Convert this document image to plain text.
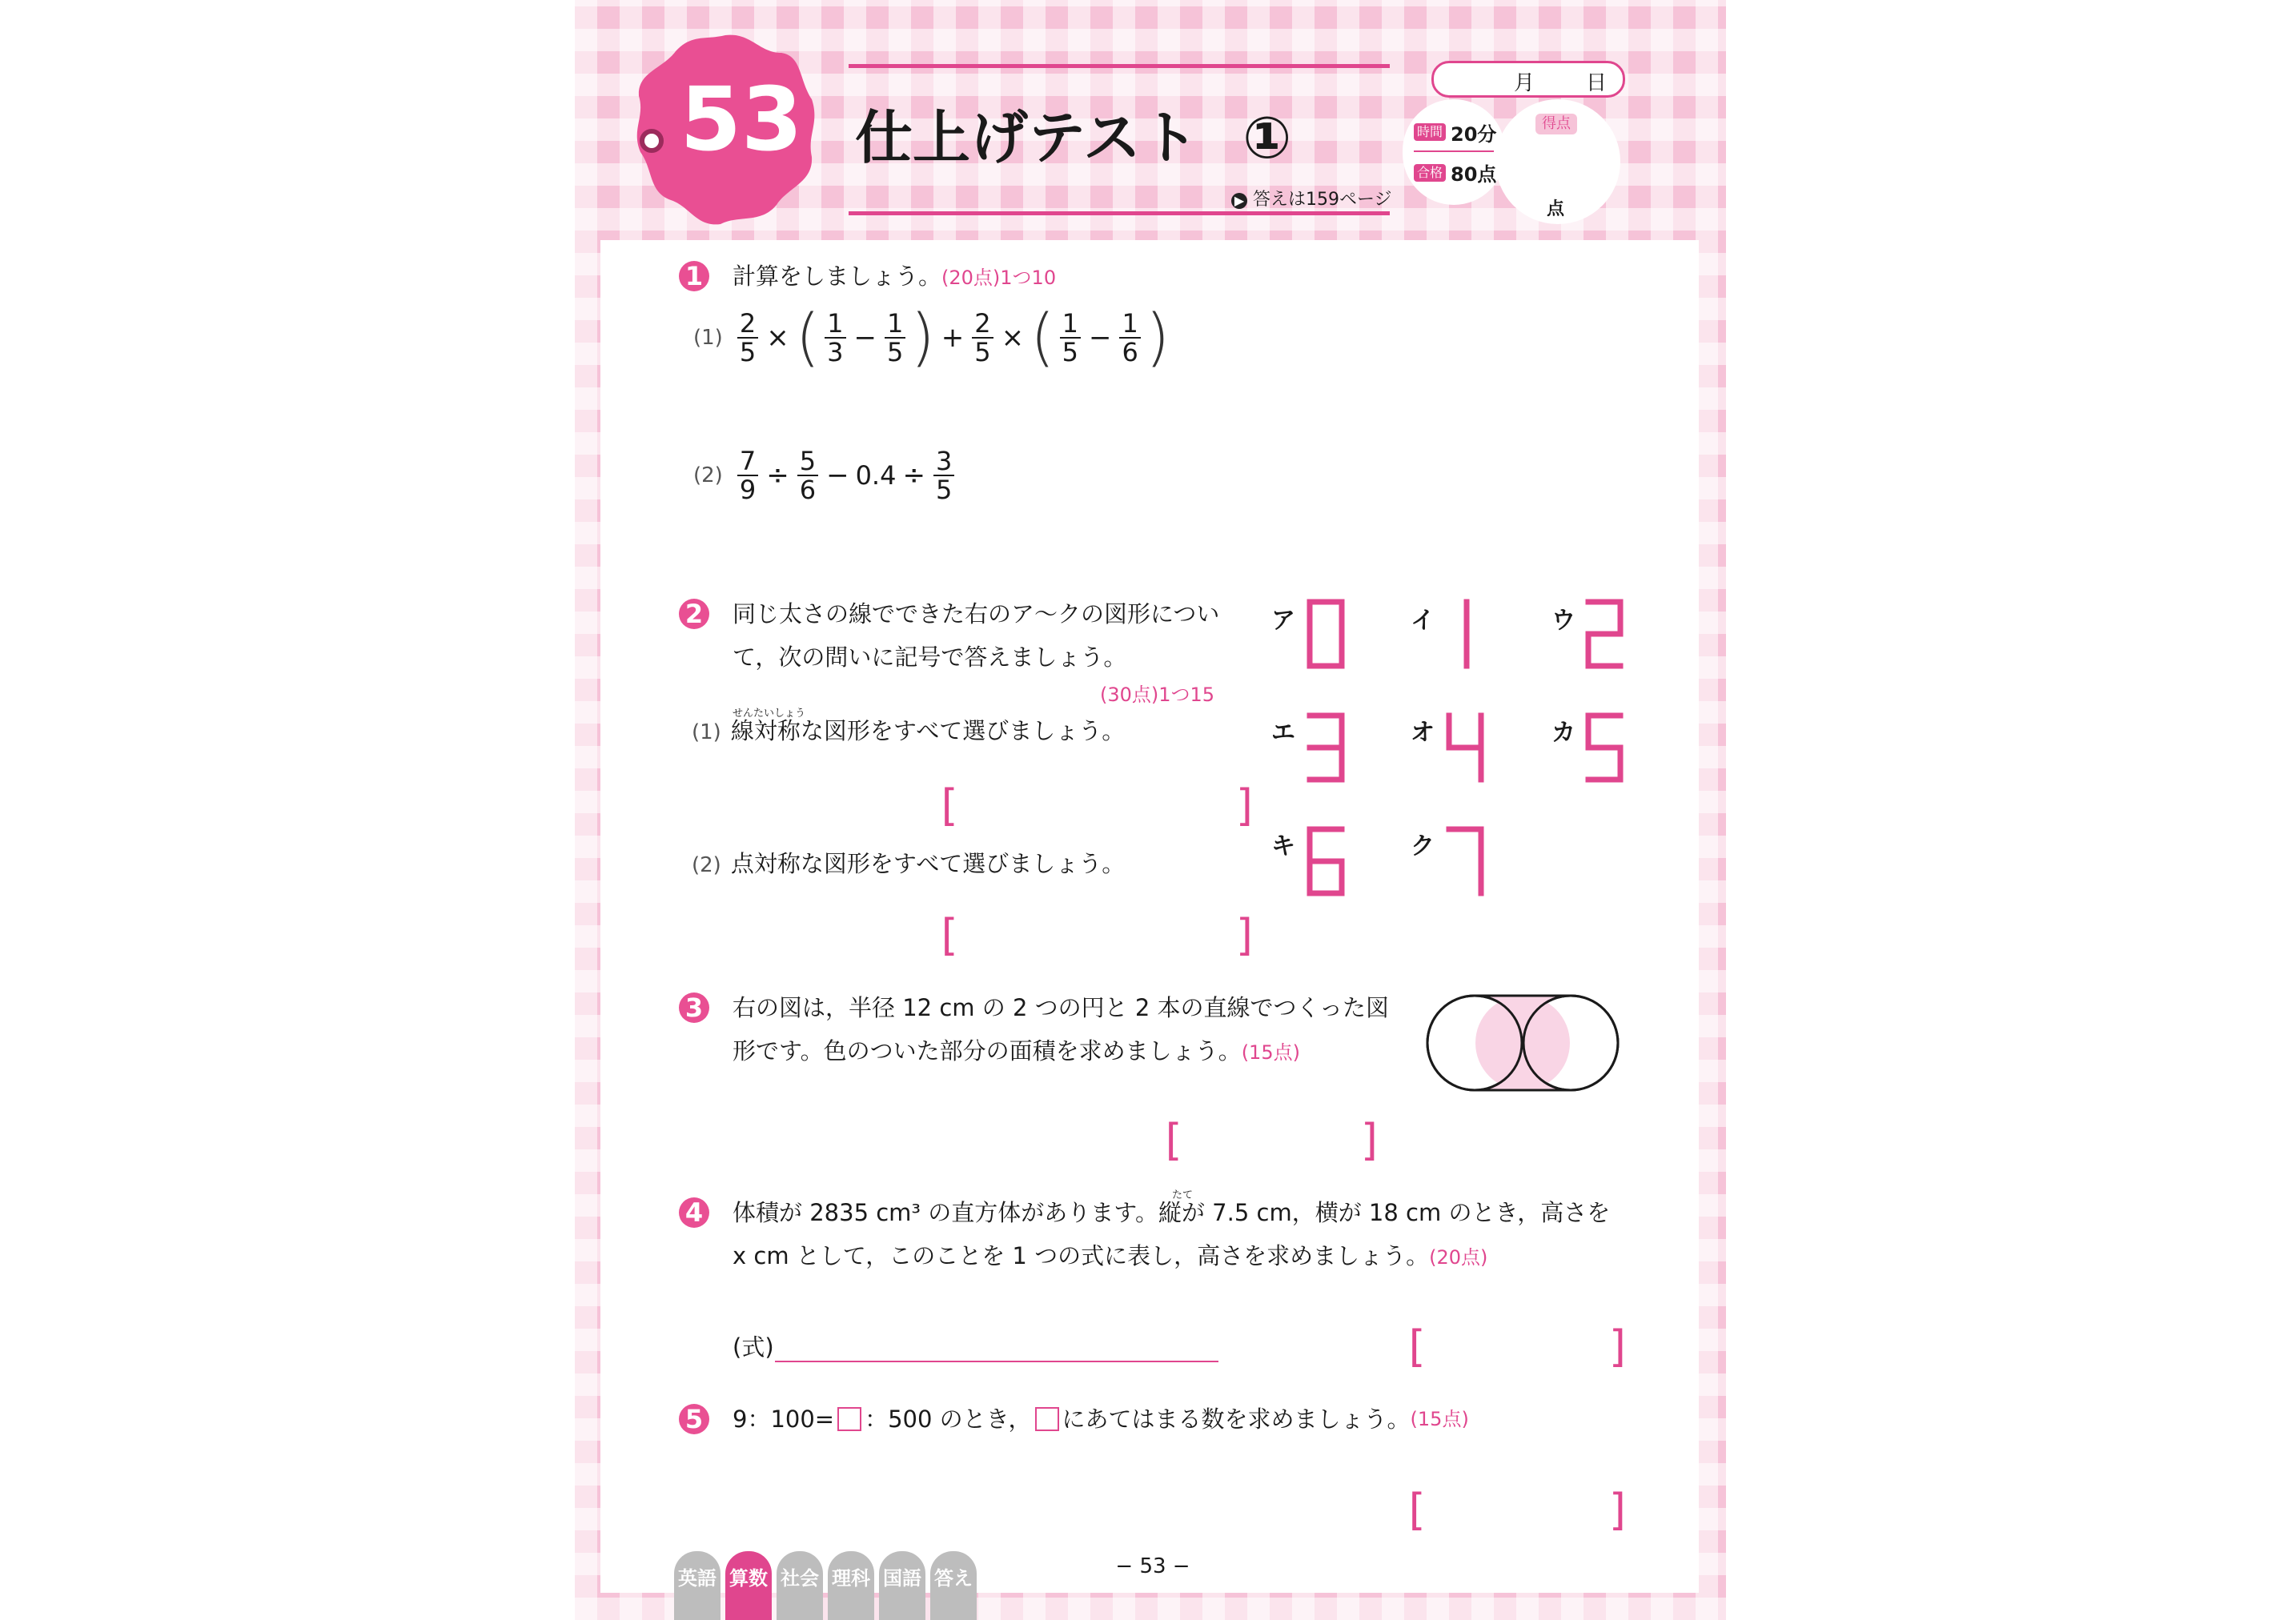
53 仕上げテスト ①
▶ 答えは159ページ
月 日
時間 20分
合格 80点
得点
点
1 計算をしましょう。(20点)1つ10
$(1) \frac{2}{5}$ × ( $\frac{1}{3} - \frac{1}{5}$ ) + $\frac{2}{5}$ × ( $\frac{1}{5} - \frac{1}{6}$ )
$(2) \frac{7}{9} \div \frac{5}{6} - 0.4 \div \frac{3}{5}$
2 同じ太さの線でできた右のア〜クの図形につい
て，次の問いに記号で答えましょう。
(30点)1つ15
せんたいしょう
(1) 線対称な図形をすべて選びましょう。
[	]
(2) 点対称な図形をすべて選びましょう。
[	]
ア	イ	ウ
エ	オ	カ
キ	ク
3 右の図は，半径 12 cm の 2 つの円と 2 本の直線でつくった図
形です。色のついた部分の面積を求めましょう。(15点)
[	]
4
たて
体積が 2835 cm³ の直方体があります。縦が 7.5 cm，横が 18 cm のとき，高さを
x cm として，このことを 1 つの式に表し，高さを求めましょう。(20点)
(式)	[	]
5 9：100= ：500 のとき， にあてはまる数を求めましょう。 (15点)
[	]
− 53 −
英語 算数 社会 理科 国語 答え
